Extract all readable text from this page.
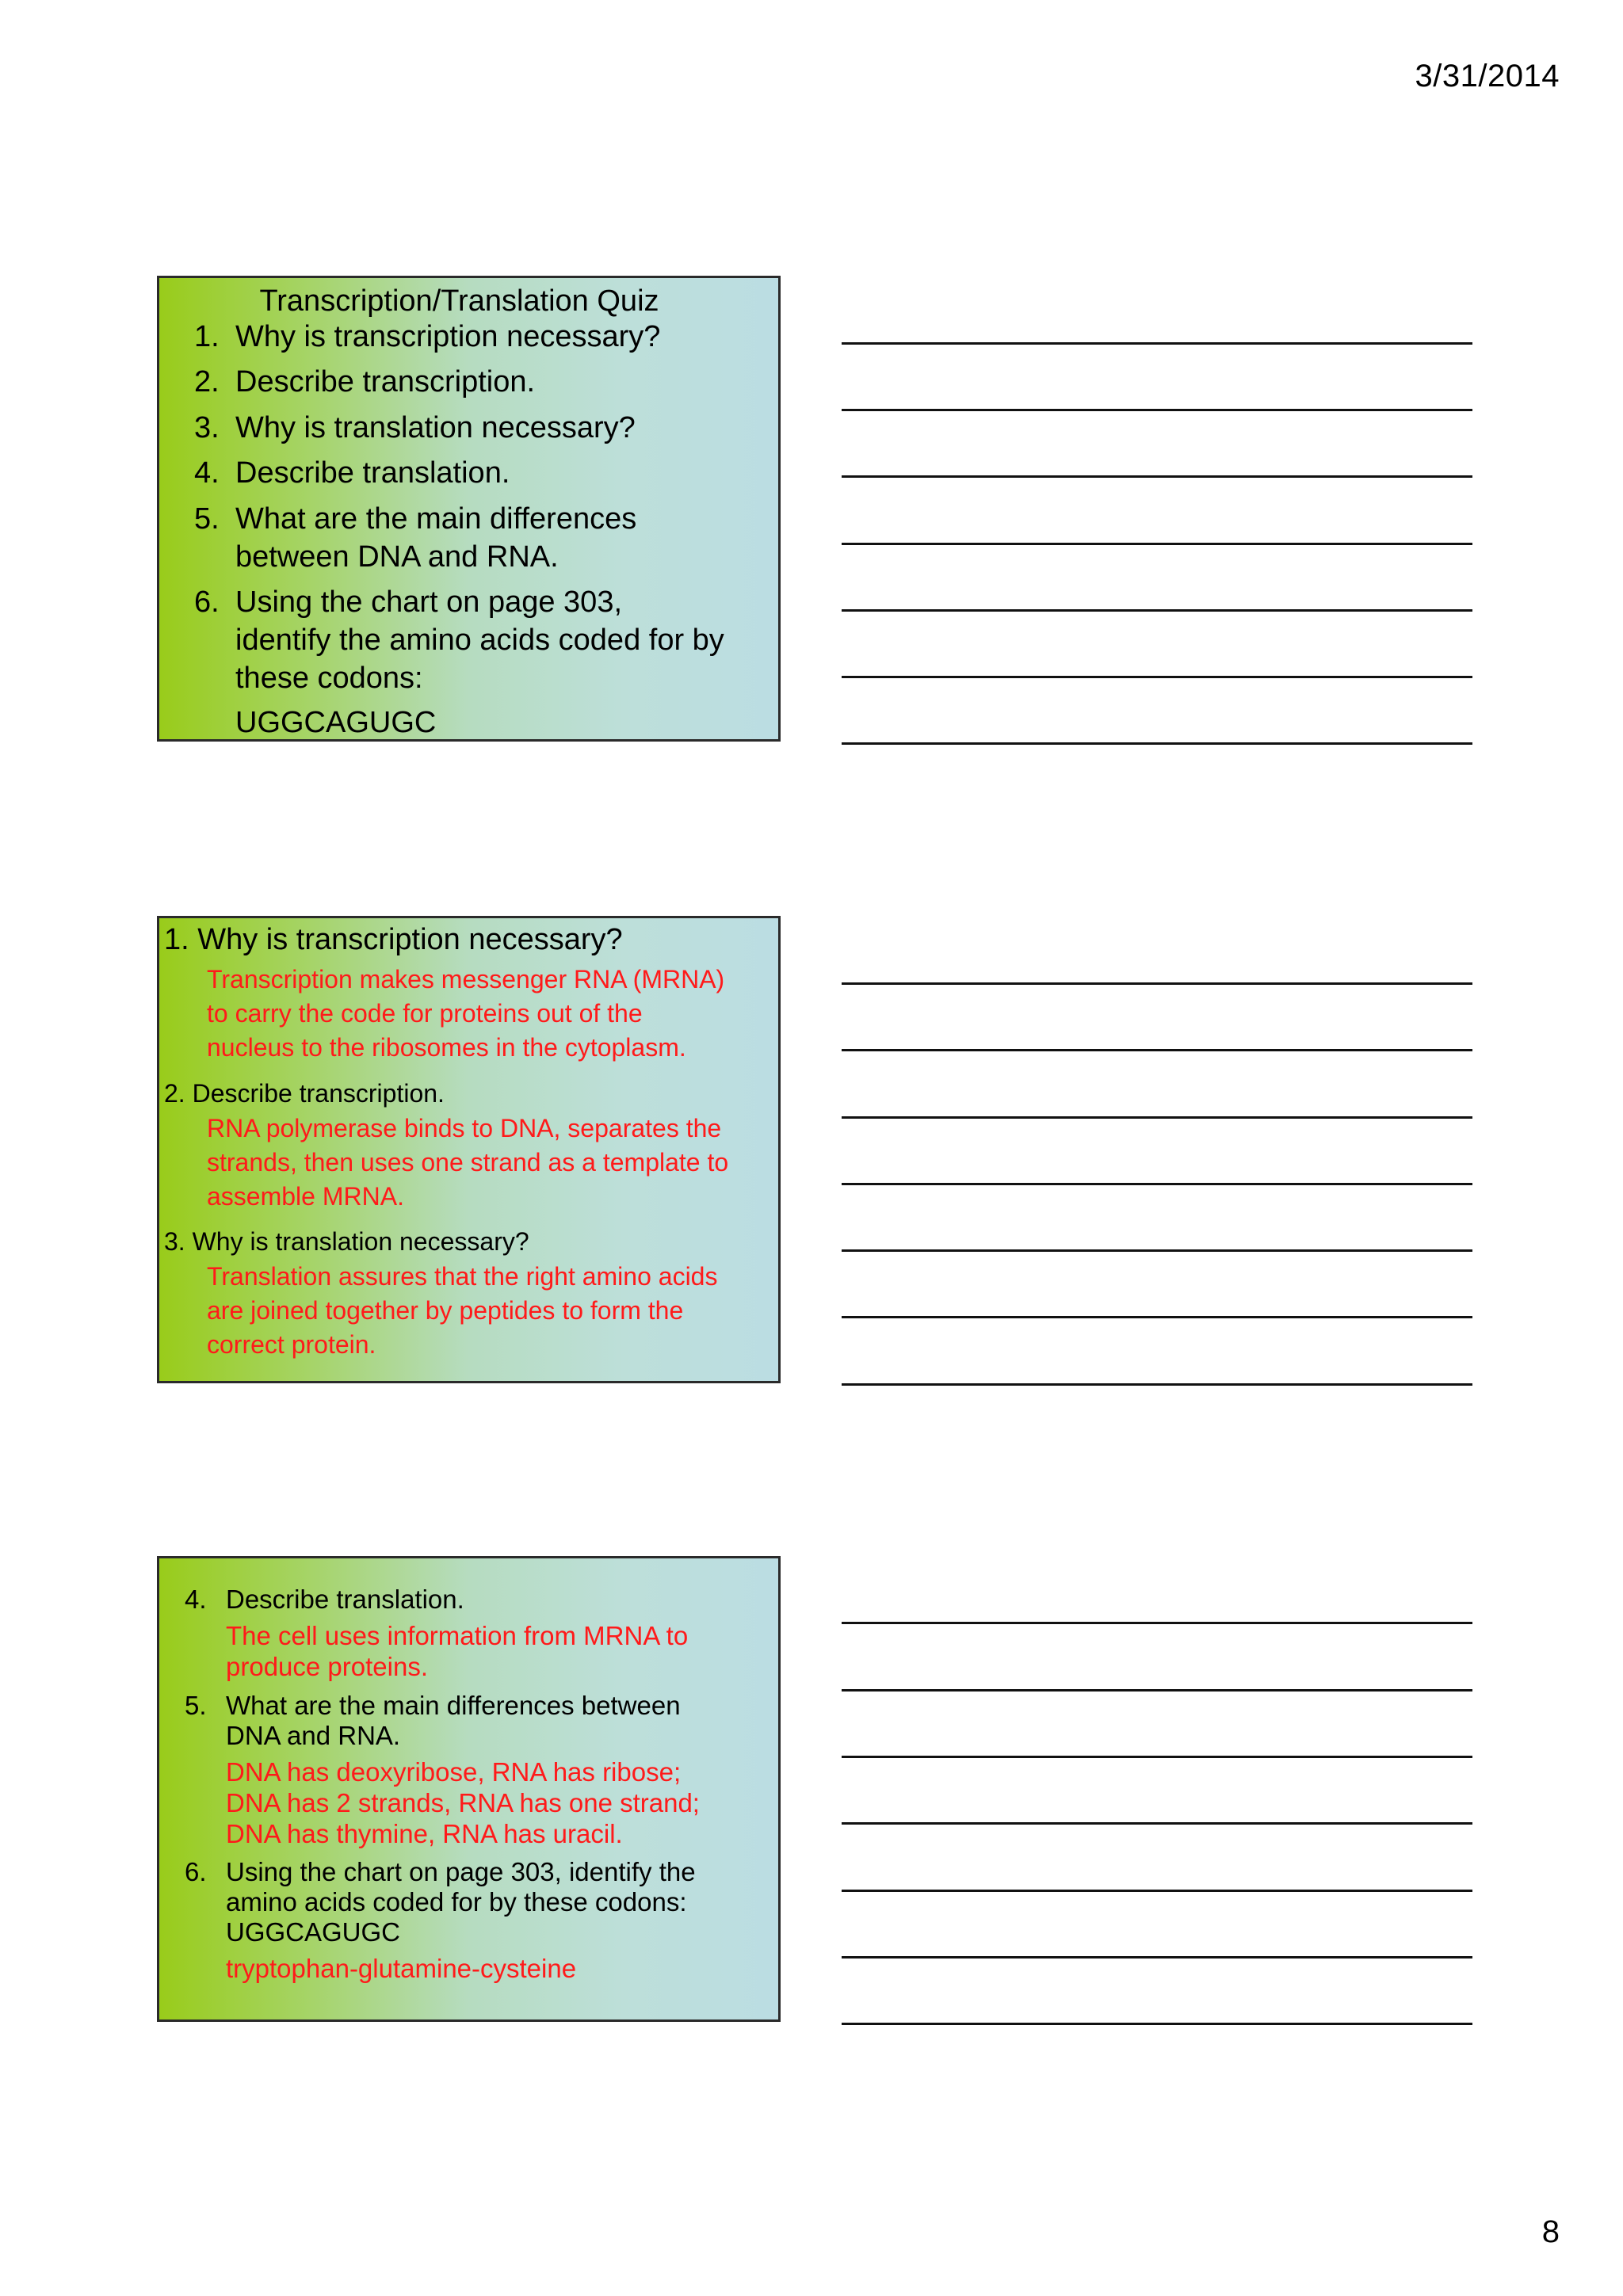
3/31/2014
Transcription/Translation Quiz
1. Why is transcription necessary?
2. Describe transcription.
3. Why is translation necessary?
4. Describe translation.
5. What are the main differences
between DNA and RNA.
6. Using the chart on page 303,
identify the amino acids coded for by
these codons:
UGGCAGUGC
1. Why is transcription necessary?
Transcription makes messenger RNA (MRNA)
to carry the code for proteins out of the
nucleus to the ribosomes in the cytoplasm.
2. Describe transcription.
RNA polymerase binds to DNA, separates the
strands, then uses one strand as a template to
assemble MRNA.
3. Why is translation necessary?
Translation assures that the right amino acids
are joined together by peptides to form the
correct protein.
4. Describe translation.
The cell uses information from MRNA to
produce proteins.
5. What are the main differences between
DNA and RNA.
DNA has deoxyribose, RNA has ribose;
DNA has 2 strands, RNA has one strand;
DNA has thymine, RNA has uracil.
6. Using the chart on page 303, identify the
amino acids coded for by these codons:
UGGCAGUGC
tryptophan-glutamine-cysteine
8
